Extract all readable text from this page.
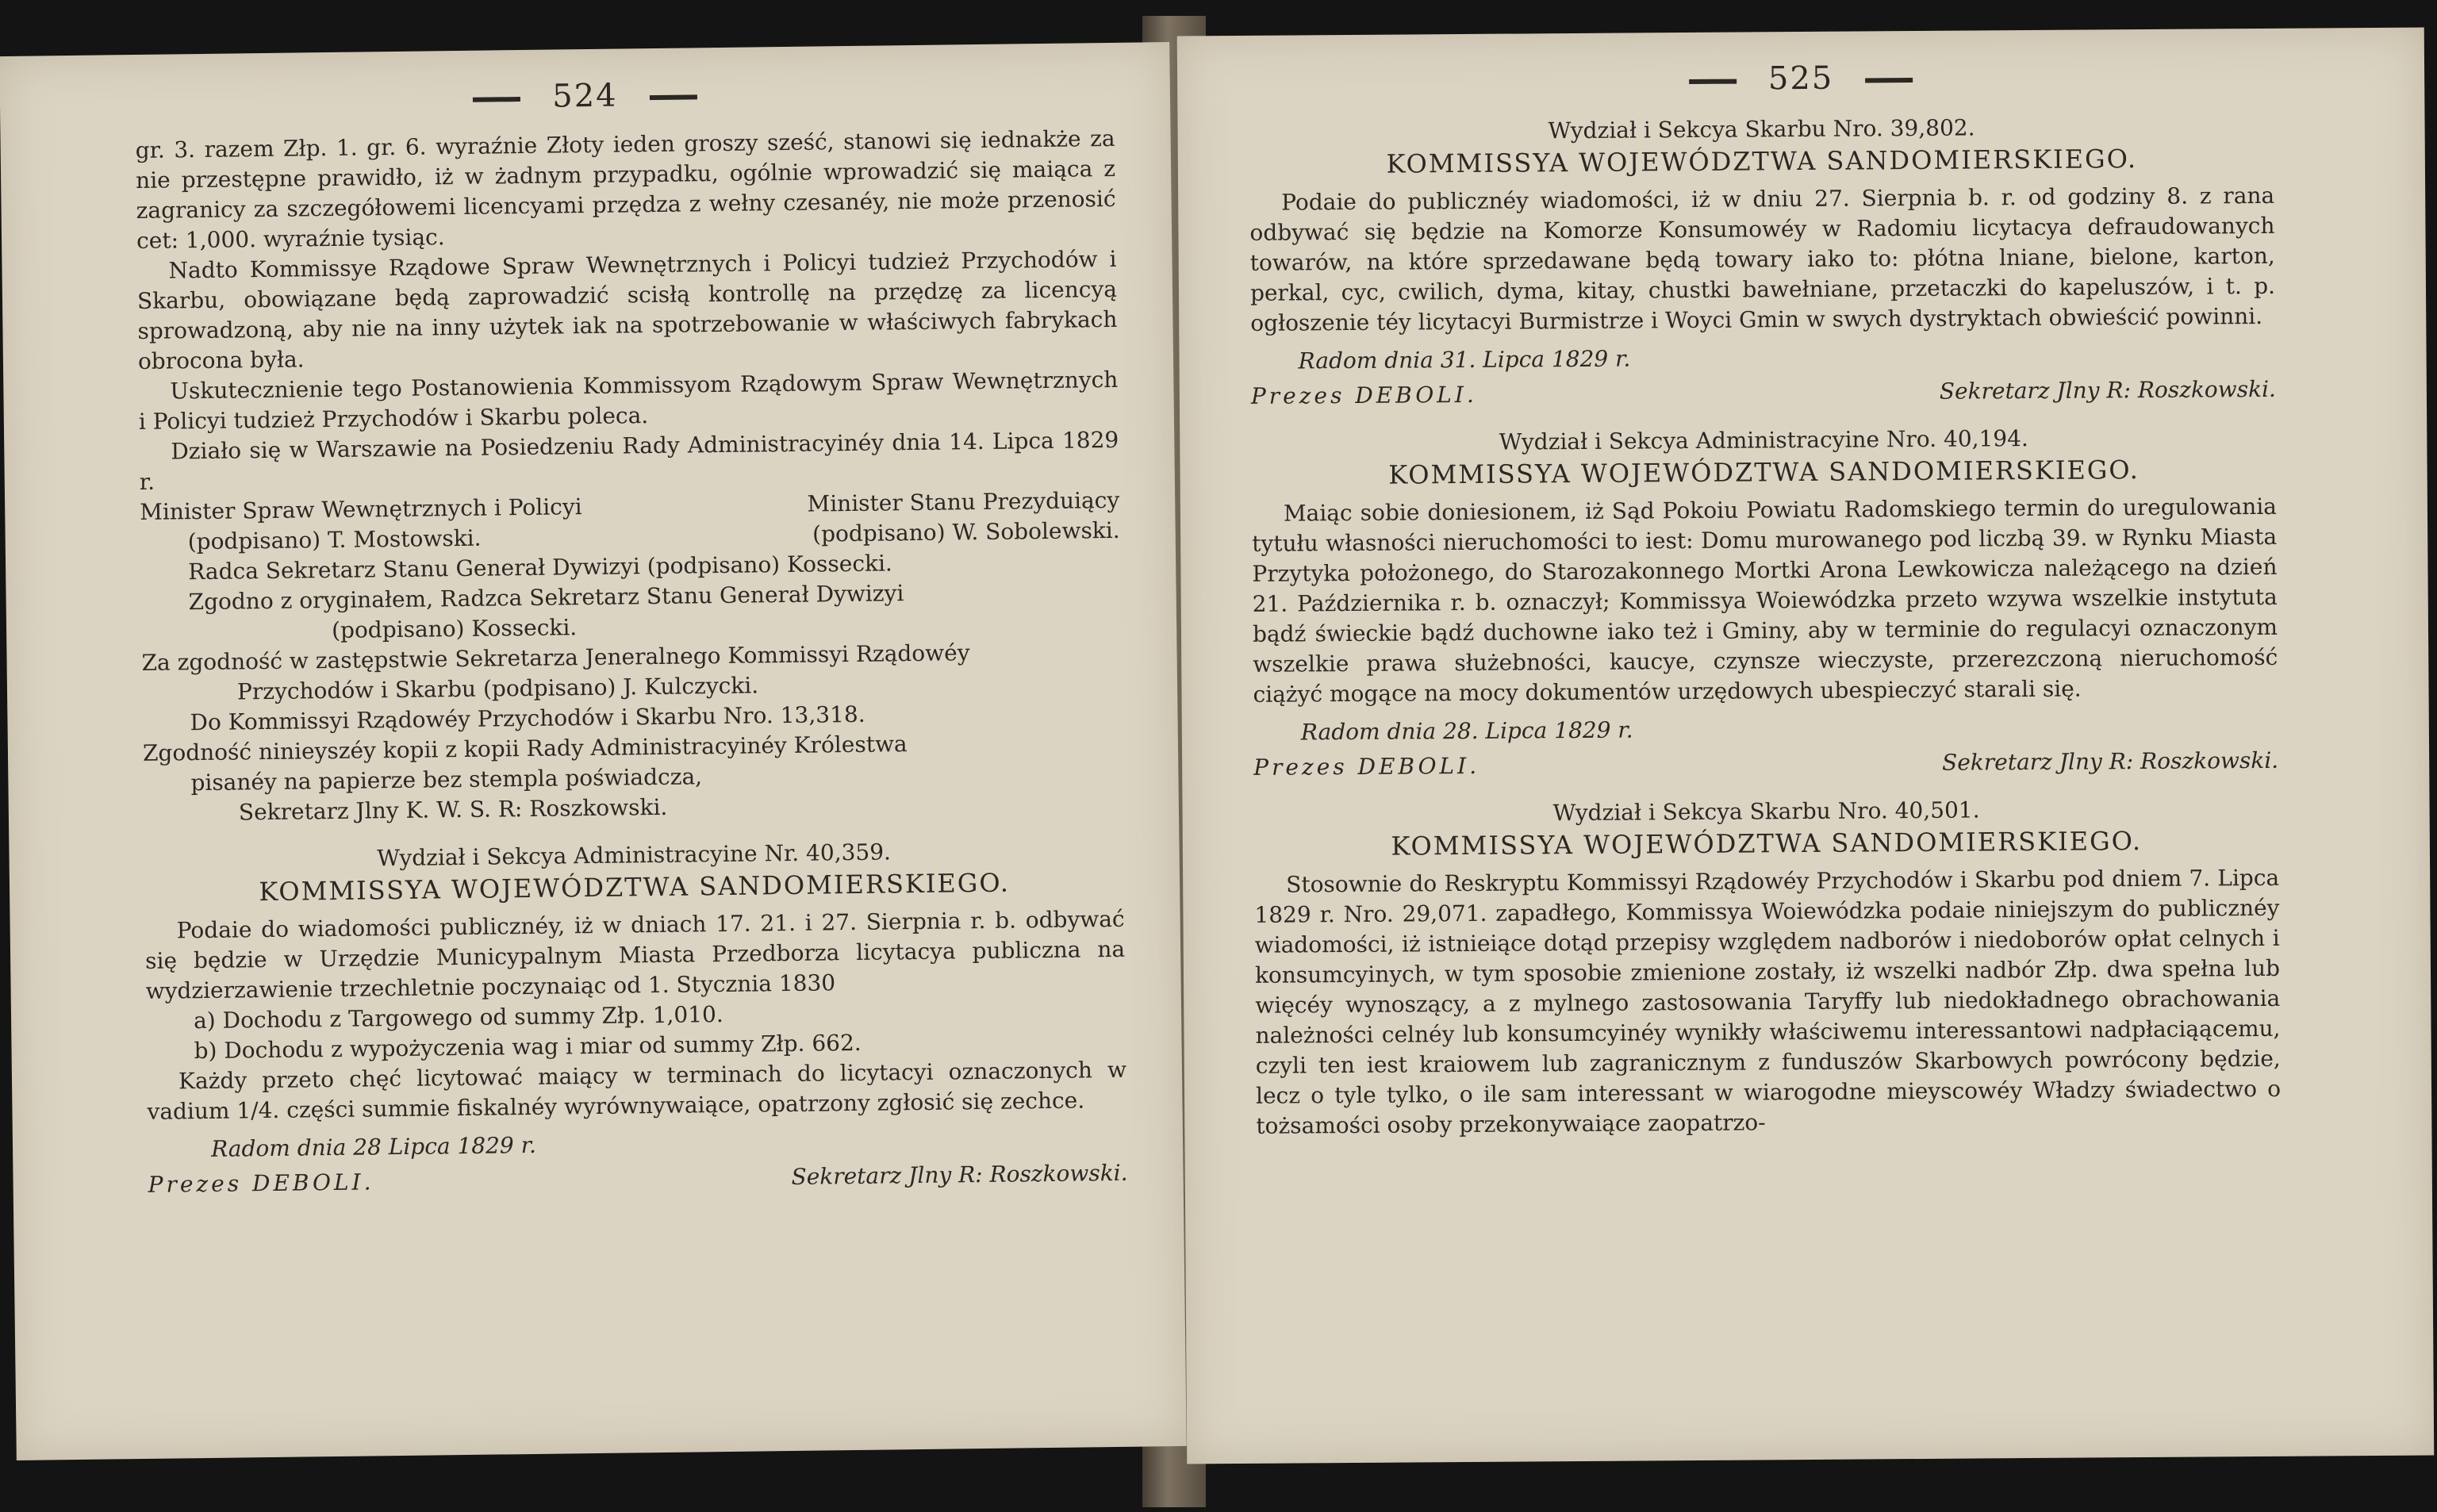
524

gr. 3. razem Złp. 1. gr. 6. wyraźnie Złoty ieden groszy sześć, stanowi się iednakże za nie przestępne prawidło, iż w żadnym przypadku, ogólnie wprowadzić się maiąca z zagranicy za szczegółowemi licencyami przędza z wełny czesanéy, nie może przenosić cet: 1,000. wyraźnie tysiąc.

Nadto Kommissye Rządowe Spraw Wewnętrznych i Policyi tudzież Przychodów i Skarbu, obowiązane będą zaprowadzić scisłą kontrollę na przędzę za licencyą sprowadzoną, aby nie na inny użytek iak na spotrzebowanie w właściwych fabrykach obrocona była.

Uskutecznienie tego Postanowienia Kommissyom Rządowym Spraw Wewnętrznych i Policyi tudzież Przychodów i Skarbu poleca.

Działo się w Warszawie na Posiedzeniu Rady Administracyinéy dnia 14. Lipca 1829 r.

Minister Spraw Wewnętrznych i Policyi
(podpisano) T. Mostowski.
Minister Stanu Prezyduiący
(podpisano) W. Sobolewski.
Radca Sekretarz Stanu Generał Dywizyi (podpisano) Kossecki.
Zgodno z oryginałem, Radzca Sekretarz Stanu Generał Dywizyi
(podpisano) Kossecki.
Za zgodność w zastępstwie Sekretarza Jeneralnego Kommissyi Rządowéy
Przychodów i Skarbu (podpisano) J. Kulczycki.
Do Kommissyi Rządowéy Przychodów i Skarbu Nro. 13,318.
Zgodność ninieyszéy kopii z kopii Rady Administracyinéy Królestwa
pisanéy na papierze bez stempla poświadcza,
Sekretarz Jlny K. W. S. R: Roszkowski.
Wydział i Sekcya Administracyine Nr. 40,359.
KOMMISSYA WOJEWÓDZTWA SANDOMIERSKIEGO.

Podaie do wiadomości publicznéy, iż w dniach 17. 21. i 27. Sierpnia r. b. odbywać się będzie w Urzędzie Municypalnym Miasta Przedborza licytacya publiczna na wydzierzawienie trzechletnie poczynaiąc od 1. Stycznia 1830

a) Dochodu z Targowego od summy Złp. 1,010.
b) Dochodu z wypożyczenia wag i miar od summy Złp. 662.

Każdy przeto chęć licytować maiący w terminach do licytacyi oznaczonych w vadium 1/4. części summie fiskalnéy wyrównywaiące, opatrzony zgłosić się zechce.

Radom dnia 28 Lipca 1829 r.
Prezes DEBOLI.	Sekretarz Jlny R: Roszkowski.
525
Wydział i Sekcya Skarbu Nro. 39,802.
KOMMISSYA WOJEWÓDZTWA SANDOMIERSKIEGO.

Podaie do publicznéy wiadomości, iż w dniu 27. Sierpnia b. r. od godziny 8. z rana odbywać się będzie na Komorze Konsumowéy w Radomiu licytacya defraudowanych towarów, na które sprzedawane będą towary iako to: płótna lniane, bielone, karton, perkal, cyc, cwilich, dyma, kitay, chustki bawełniane, przetaczki do kapeluszów, i t. p. ogłoszenie téy licytacyi Burmistrze i Woyci Gmin w swych dystryktach obwieścić powinni.

Radom dnia 31. Lipca 1829 r.
Prezes DEBOLI.	Sekretarz Jlny R: Roszkowski.
Wydział i Sekcya Administracyine Nro. 40,194.
KOMMISSYA WOJEWÓDZTWA SANDOMIERSKIEGO.

Maiąc sobie doniesionem, iż Sąd Pokoiu Powiatu Radomskiego termin do uregulowania tytułu własności nieruchomości to iest: Domu murowanego pod liczbą 39. w Rynku Miasta Przytyka położonego, do Starozakonnego Mortki Arona Lewkowicza należącego na dzień 21. Października r. b. oznaczył; Kommissya Woiewódzka przeto wzywa wszelkie instytuta bądź świeckie bądź duchowne iako też i Gminy, aby w terminie do regulacyi oznaczonym wszelkie prawa służebności, kaucye, czynsze wieczyste, przerezczoną nieruchomość ciążyć mogące na mocy dokumentów urzędowych ubespieczyć starali się.

Radom dnia 28. Lipca 1829 r.
Prezes DEBOLI.	Sekretarz Jlny R: Roszkowski.
Wydział i Sekcya Skarbu Nro. 40,501.
KOMMISSYA WOJEWÓDZTWA SANDOMIERSKIEGO.

Stosownie do Reskryptu Kommissyi Rządowéy Przychodów i Skarbu pod dniem 7. Lipca 1829 r. Nro. 29,071. zapadłego, Kommissya Woiewódzka podaie niniejszym do publicznéy wiadomości, iż istnieiące dotąd przepisy względem nadborów i niedoborów opłat celnych i konsumcyinych, w tym sposobie zmienione zostały, iż wszelki nadbór Złp. dwa spełna lub więcéy wynoszący, a z mylnego zastosowania Taryffy lub niedokładnego obrachowania należności celnéy lub konsumcyinéy wynikły właściwemu interessantowi nadpłaciąącemu, czyli ten iest kraiowem lub zagranicznym z funduszów Skarbowych powrócony będzie, lecz o tyle tylko, o ile sam interessant w wiarogodne mieyscowéy Władzy świadectwo o tożsamości osoby przekonywaiące zaopatrzo-
